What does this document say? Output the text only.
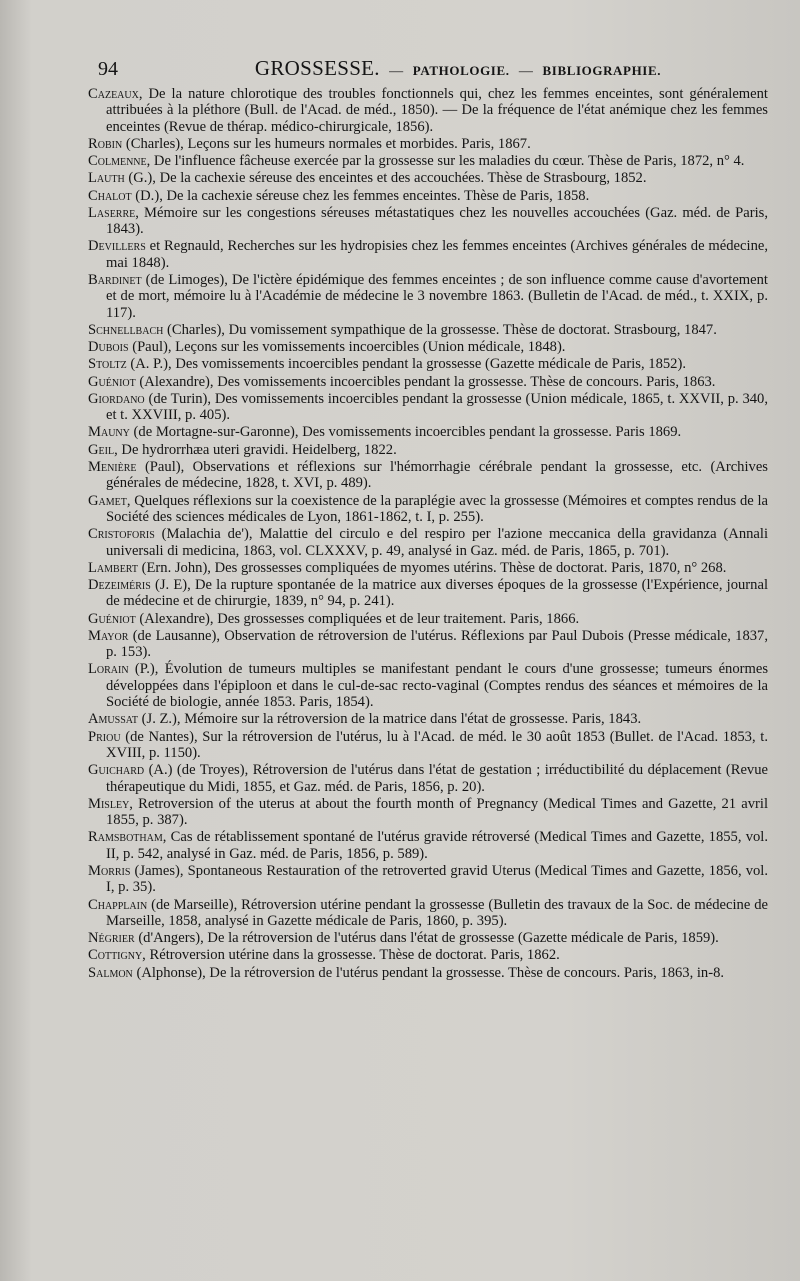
94	GROSSESSE. — PATHOLOGIE. — BIBLIOGRAPHIE.

Cazeaux, De la nature chlorotique des troubles fonctionnels qui, chez les femmes enceintes, sont généralement attribuées à la pléthore (Bull. de l'Acad. de méd., 1850). — De la fréquence de l'état anémique chez les femmes enceintes (Revue de thérap. médico-chirurgicale, 1856).

Robin (Charles), Leçons sur les humeurs normales et morbides. Paris, 1867.

Colmenne, De l'influence fâcheuse exercée par la grossesse sur les maladies du cœur. Thèse de Paris, 1872, n° 4.

Lauth (G.), De la cachexie séreuse des enceintes et des accouchées. Thèse de Strasbourg, 1852.

Chalot (D.), De la cachexie séreuse chez les femmes enceintes. Thèse de Paris, 1858.

Laserre, Mémoire sur les congestions séreuses métastatiques chez les nouvelles accouchées (Gaz. méd. de Paris, 1843).

Devillers et Regnauld, Recherches sur les hydropisies chez les femmes enceintes (Archives générales de médecine, mai 1848).

Bardinet (de Limoges), De l'ictère épidémique des femmes enceintes ; de son influence comme cause d'avortement et de mort, mémoire lu à l'Académie de médecine le 3 novembre 1863. (Bulletin de l'Acad. de méd., t. XXIX, p. 117).

Schnellbach (Charles), Du vomissement sympathique de la grossesse. Thèse de doctorat. Strasbourg, 1847.

Dubois (Paul), Leçons sur les vomissements incoercibles (Union médicale, 1848).

Stoltz (A. P.), Des vomissements incoercibles pendant la grossesse (Gazette médicale de Paris, 1852).

Guéniot (Alexandre), Des vomissements incoercibles pendant la grossesse. Thèse de concours. Paris, 1863.

Giordano (de Turin), Des vomissements incoercibles pendant la grossesse (Union médicale, 1865, t. XXVII, p. 340, et t. XXVIII, p. 405).

Mauny (de Mortagne-sur-Garonne), Des vomissements incoercibles pendant la grossesse. Paris 1869.

Geil, De hydrorrhæa uteri gravidi. Heidelberg, 1822.

Menière (Paul), Observations et réflexions sur l'hémorrhagie cérébrale pendant la grossesse, etc. (Archives générales de médecine, 1828, t. XVI, p. 489).

Gamet, Quelques réflexions sur la coexistence de la paraplégie avec la grossesse (Mémoires et comptes rendus de la Société des sciences médicales de Lyon, 1861-1862, t. I, p. 255).

Cristoforis (Malachia de'), Malattie del circulo e del respiro per l'azione meccanica della gravidanza (Annali universali di medicina, 1863, vol. CLXXXV, p. 49, analysé in Gaz. méd. de Paris, 1865, p. 701).

Lambert (Ern. John), Des grossesses compliquées de myomes utérins. Thèse de doctorat. Paris, 1870, n° 268.

Dezeiméris (J. E), De la rupture spontanée de la matrice aux diverses époques de la grossesse (l'Expérience, journal de médecine et de chirurgie, 1839, n° 94, p. 241).

Guéniot (Alexandre), Des grossesses compliquées et de leur traitement. Paris, 1866.

Mayor (de Lausanne), Observation de rétroversion de l'utérus. Réflexions par Paul Dubois (Presse médicale, 1837, p. 153).

Lorain (P.), Évolution de tumeurs multiples se manifestant pendant le cours d'une grossesse; tumeurs énormes développées dans l'épiploon et dans le cul-de-sac recto-vaginal (Comptes rendus des séances et mémoires de la Société de biologie, année 1853. Paris, 1854).

Amussat (J. Z.), Mémoire sur la rétroversion de la matrice dans l'état de grossesse. Paris, 1843.

Priou (de Nantes), Sur la rétroversion de l'utérus, lu à l'Acad. de méd. le 30 août 1853 (Bullet. de l'Acad. 1853, t. XVIII, p. 1150).

Guichard (A.) (de Troyes), Rétroversion de l'utérus dans l'état de gestation ; irréductibilité du déplacement (Revue thérapeutique du Midi, 1855, et Gaz. méd. de Paris, 1856, p. 20).

Misley, Retroversion of the uterus at about the fourth month of Pregnancy (Medical Times and Gazette, 21 avril 1855, p. 387).

Ramsbotham, Cas de rétablissement spontané de l'utérus gravide rétroversé (Medical Times and Gazette, 1855, vol. II, p. 542, analysé in Gaz. méd. de Paris, 1856, p. 589).

Morris (James), Spontaneous Restauration of the retroverted gravid Uterus (Medical Times and Gazette, 1856, vol. I, p. 35).

Chapplain (de Marseille), Rétroversion utérine pendant la grossesse (Bulletin des travaux de la Soc. de médecine de Marseille, 1858, analysé in Gazette médicale de Paris, 1860, p. 395).

Négrier (d'Angers), De la rétroversion de l'utérus dans l'état de grossesse (Gazette médicale de Paris, 1859).

Cottigny, Rétroversion utérine dans la grossesse. Thèse de doctorat. Paris, 1862.

Salmon (Alphonse), De la rétroversion de l'utérus pendant la grossesse. Thèse de concours. Paris, 1863, in-8.
